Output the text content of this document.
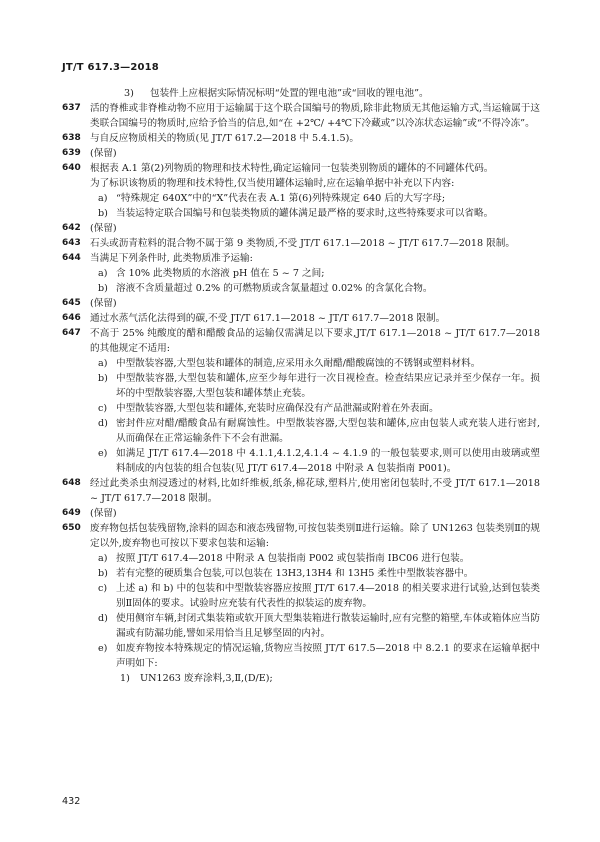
JT/T 617.3—2018
3)	包装件上应根据实际情况标明“处置的锂电池”或“回收的锂电池”。
637 活的脊椎或非脊椎动物不应用于运输属于这个联合国编号的物质,除非此物质无其他运输方式,当运输属于这类联合国编号的物质时,应给予恰当的信息,如“在 +2℃/ +4℃下冷藏或”以冷冻状态运输”或“不得冷冻”。
638 与自反应物质相关的物质(见 JT/T 617.2—2018 中 5.4.1.5)。
639 (保留)
640 根据表 A.1 第(2)列物质的物理和技术特性,确定运输同一包装类别物质的罐体的不同罐体代码。

为了标识该物质的物理和技术特性,仅当使用罐体运输时,应在运输单据中补充以下内容:

a) “特殊规定 640X”中的“X”代表在表 A.1 第(6)列特殊规定 640 后的大写字母;
b) 当装运特定联合国编号和包装类物质的罐体满足最严格的要求时,这些特殊要求可以省略。
642 (保留)
643 石头或沥青粒料的混合物不属于第 9 类物质,不受 JT/T 617.1—2018 ~ JT/T 617.7—2018 限制。
644 当满足下列条件时, 此类物质准予运输:
a) 含 10% 此类物质的水溶液 pH 值在 5 ~ 7 之间;
b) 溶液不含质量超过 0.2% 的可燃物质或含氯量超过 0.02% 的含氯化合物。
645 (保留)
646 通过水蒸气活化法得到的碳,不受 JT/T 617.1—2018 ~ JT/T 617.7—2018 限制。
647 不高于 25% 纯酸度的醋和醋酸食品的运输仅需满足以下要求,JT/T 617.1—2018 ~ JT/T 617.7—2018 的其他规定不适用:
a) 中型散装容器,大型包装和罐体的制造,应采用永久耐醋/醋酸腐蚀的不锈钢或塑料材料。
b) 中型散装容器,大型包装和罐体,应至少每年进行一次目视检查。检查结果应记录并至少保存一年。损坏的中型散装容器,大型包装和罐体禁止充装。
c) 中型散装容器,大型包装和罐体,充装时应确保没有产品泄漏或附着在外表面。
d) 密封件应对醋/醋酸食品有耐腐蚀性。中型散装容器,大型包装和罐体,应由包装人或充装人进行密封,从而确保在正常运输条件下不会有泄漏。
e) 如满足 JT/T 617.4—2018 中 4.1.1,4.1.2,4.1.4 ~ 4.1.9 的一般包装要求,则可以使用由玻璃或塑料制成的内包装的组合包装(见 JT/T 617.4—2018 中附录 A 包装指南 P001)。
648 经过此类杀虫剂浸透过的材料,比如纤维板,纸条,棉花球,塑料片,使用密闭包装时,不受 JT/T 617.1—2018 ~ JT/T 617.7—2018 限制。
649 (保留)
650 废弃物包括包装残留物,涂料的固态和液态残留物,可按包装类别Ⅱ进行运输。除了 UN1263 包装类别Ⅱ的规定以外,废弃物也可按以下要求包装和运输:
a) 按照 JT/T 617.4—2018 中附录 A 包装指南 P002 或包装指南 IBC06 进行包装。
b) 若有完整的硬质集合包装,可以包装在 13H3,13H4 和 13H5 柔性中型散装容器中。
c) 上述 a) 和 b) 中的包装和中型散装容器应按照 JT/T 617.4—2018 的相关要求进行试验,达到包装类别Ⅱ固体的要求。试验时应充装有代表性的拟装运的废弃物。
d) 使用侧帘车辆,封闭式集装箱或软开顶大型集装箱进行散装运输时,应有完整的箱壁,车体或箱体应当防漏或有防漏功能,譬如采用恰当且足够坚固的内衬。
e) 如废弃物按本特殊规定的情况运输,货物应当按照 JT/T 617.5—2018 中 8.2.1 的要求在运输单据中声明如下:
1)	UN1263 废弃涂料,3,Ⅱ,(D/E);
432
